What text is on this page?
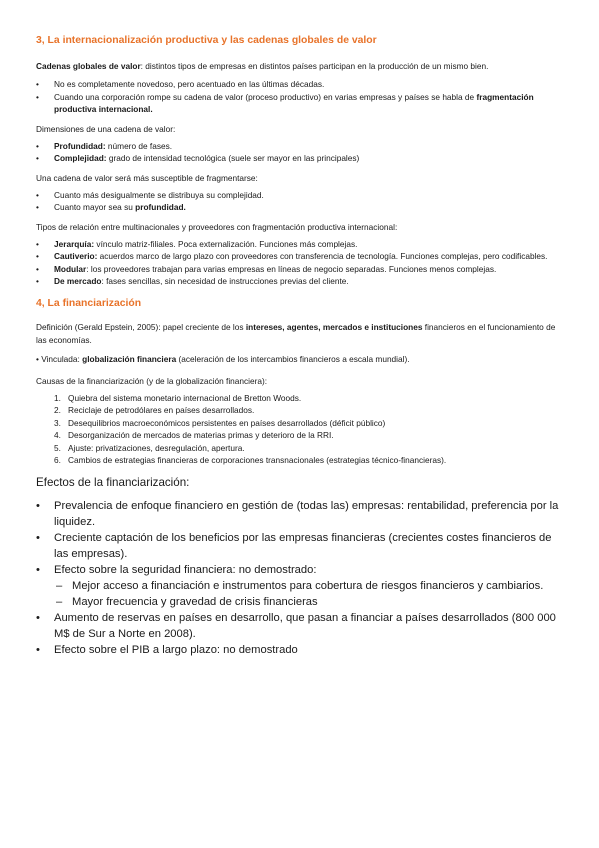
3, La internacionalización productiva y las cadenas globales de valor

Cadenas globales de valor: distintos tipos de empresas en distintos países participan en la producción de un mismo bien.

• No es completamente novedoso, pero acentuado en las últimas décadas.
• Cuando una corporación rompe su cadena de valor (proceso productivo) en varias empresas y países se habla de fragmentación productiva internacional.

Dimensiones de una cadena de valor:

• Profundidad: número de fases.
• Complejidad: grado de intensidad tecnológica (suele ser mayor en las principales)

Una cadena de valor será más susceptible de fragmentarse:

• Cuanto más desigualmente se distribuya su complejidad.
• Cuanto mayor sea su profundidad.

Tipos de relación entre multinacionales y proveedores con fragmentación productiva internacional:

• Jerarquía: vínculo matriz-filiales. Poca externalización. Funciones más complejas.
• Cautiverio: acuerdos marco de largo plazo con proveedores con transferencia de tecnología. Funciones complejas, pero codificables.
• Modular: los proveedores trabajan para varias empresas en líneas de negocio separadas. Funciones menos complejas.
• De mercado: fases sencillas, sin necesidad de instrucciones previas del cliente.
4, La financiarización

Definición (Gerald Epstein, 2005): papel creciente de los intereses, agentes, mercados e instituciones financieros en el funcionamiento de las economías.

• Vinculada: globalización financiera (aceleración de los intercambios financieros a escala mundial).

Causas de la financiarización (y de la globalización financiera):

1. Quiebra del sistema monetario internacional de Bretton Woods.
2. Reciclaje de petrodólares en países desarrollados.
3. Desequilibrios macroeconómicos persistentes en países desarrollados (déficit público)
4. Desorganización de mercados de materias primas y deterioro de la RRI.
5. Ajuste: privatizaciones, desregulación, apertura.
6. Cambios de estrategias financieras de corporaciones transnacionales (estrategias técnico-financieras).

Efectos de la financiarización:

• Prevalencia de enfoque financiero en gestión de (todas las) empresas: rentabilidad, preferencia por la liquidez.
• Creciente captación de los beneficios por las empresas financieras (crecientes costes financieros de las empresas).
• Efecto sobre la seguridad financiera: no demostrado:
– Mejor acceso a financiación e instrumentos para cobertura de riesgos financieros y cambiarios.
– Mayor frecuencia y gravedad de crisis financieras
• Aumento de reservas en países en desarrollo, que pasan a financiar a países desarrollados (800 000 M$ de Sur a Norte en 2008).
• Efecto sobre el PIB a largo plazo: no demostrado
